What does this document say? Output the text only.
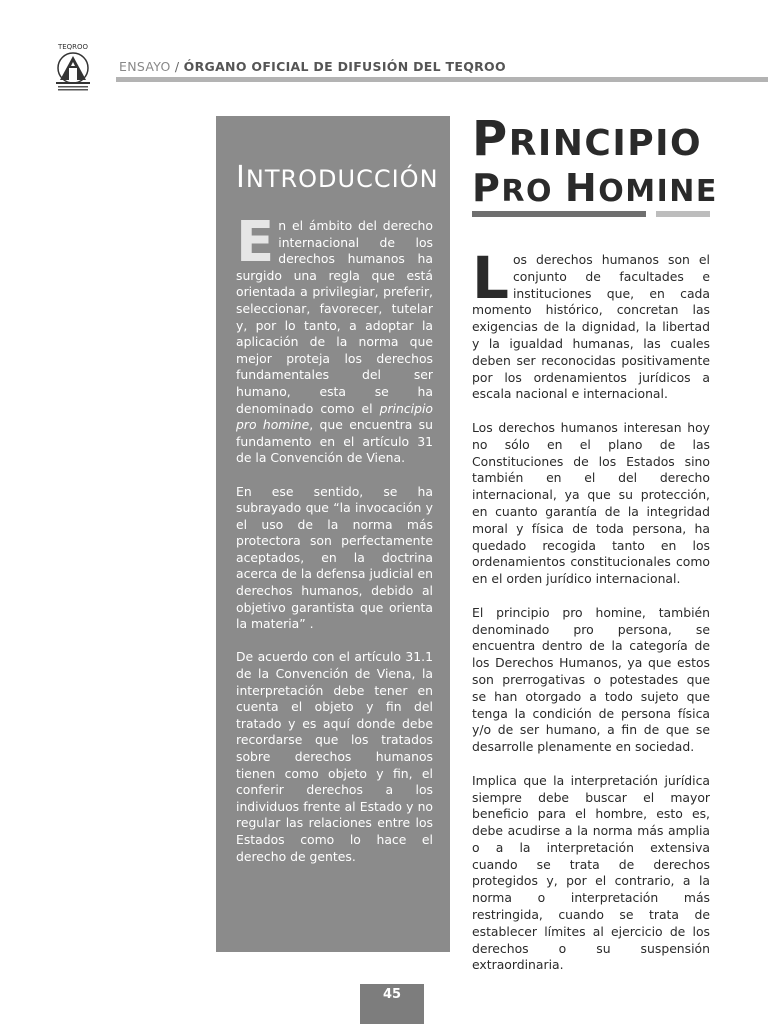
TEQROO
ENSAYO / ÓRGANO OFICIAL DE DIFUSIÓN DEL TEQROO
INTRODUCCIÓN

En el ámbito del derecho internacional de los derechos humanos ha surgido una regla que está orientada a privilegiar, preferir, seleccionar, favorecer, tutelar y, por lo tanto, a adoptar la aplicación de la norma que mejor proteja los derechos fundamentales del ser humano, esta se ha denominado como el principio pro homine, que encuentra su fundamento en el artículo 31 de la Convención de Viena.

En ese sentido, se ha subrayado que “la invocación y el uso de la norma más protectora son perfectamente aceptados, en la doctrina acerca de la defensa judicial en derechos humanos, debido al objetivo garantista que orienta la materia” .

De acuerdo con el artículo 31.1 de la Convención de Viena, la interpretación debe tener en cuenta el objeto y fin del tratado y es aquí donde debe recordarse que los tratados sobre derechos humanos tienen como objeto y fin, el conferir derechos a los individuos frente al Estado y no regular las relaciones entre los Estados como lo hace el derecho de gentes.

PRINCIPIO
PRO HOMINE

Los derechos humanos son el conjunto de facultades e instituciones que, en cada momento histórico, concretan las exigencias de la dignidad, la libertad y la igualdad humanas, las cuales deben ser reconocidas positivamente por los ordenamientos jurídicos a escala nacional e internacional.

Los derechos humanos interesan hoy no sólo en el plano de las Constituciones de los Estados sino también en el del derecho internacional, ya que su protección, en cuanto garantía de la integridad moral y física de toda persona, ha quedado recogida tanto en los ordenamientos constitucionales como en el orden jurídico internacional.

El principio pro homine, también denominado pro persona, se encuentra dentro de la categoría de los Derechos Humanos, ya que estos son prerrogativas o potestades que se han otorgado a todo sujeto que tenga la condición de persona física y/o de ser humano, a fin de que se desarrolle plenamente en sociedad.

Implica que la interpretación jurídica siempre debe buscar el mayor beneficio para el hombre, esto es, debe acudirse a la norma más amplia o a la interpretación extensiva cuando se trata de derechos protegidos y, por el contrario, a la norma o interpretación más restringida, cuando se trata de establecer límites al ejercicio de los derechos o su suspensión extraordinaria.

45
